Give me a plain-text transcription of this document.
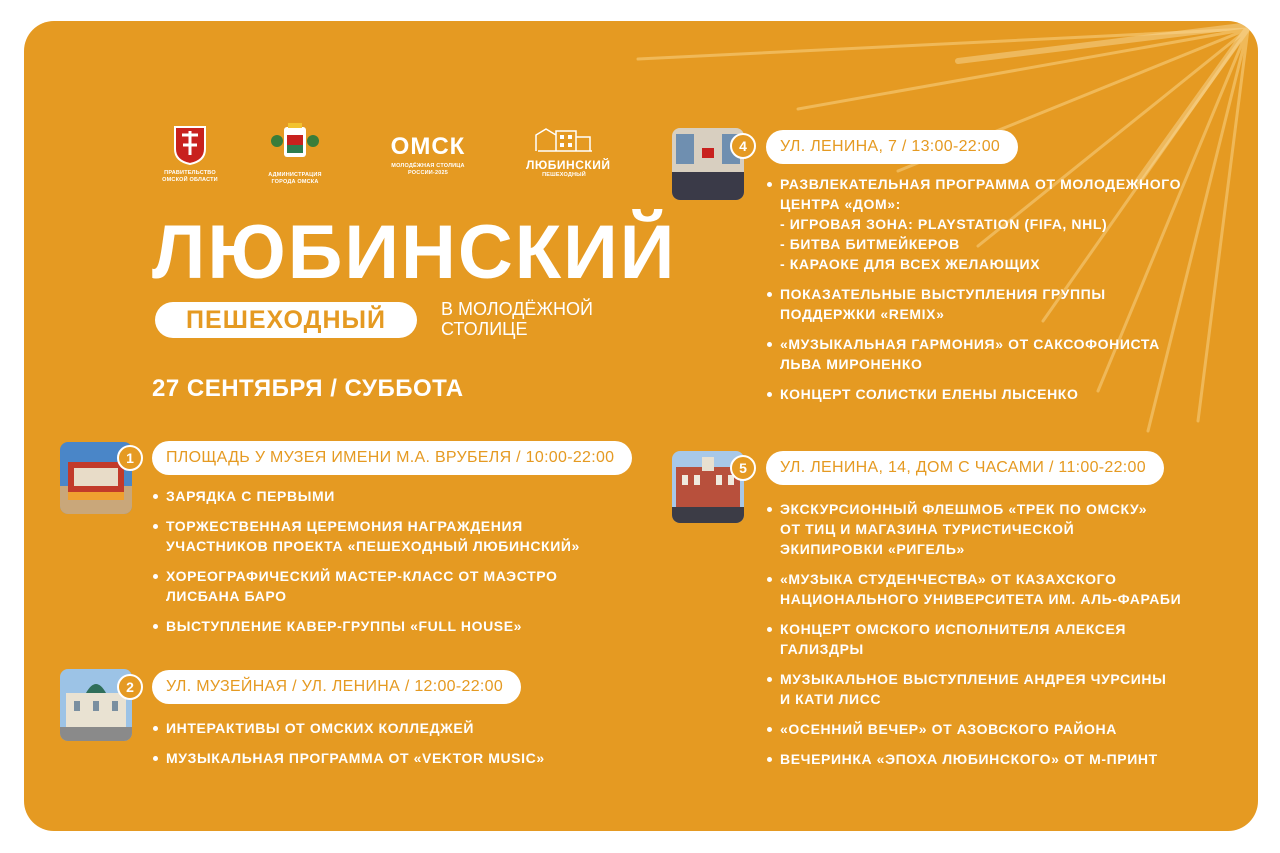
ПРАВИТЕЛЬСТВО
ОМСКОЙ ОБЛАСТИ
АДМИНИСТРАЦИЯ
ГОРОДА ОМСКА
ОМСК
МОЛОДЁЖНАЯ СТОЛИЦА
РОССИИ-2025
ЛЮБИНСКИЙ
ПЕШЕХОДНЫЙ
ЛЮБИНСКИЙ
ПЕШЕХОДНЫЙ	В МОЛОДЁЖНОЙ
СТОЛИЦЕ
27 СЕНТЯБРЯ / СУББОТА
1	ПЛОЩАДЬ У МУЗЕЯ ИМЕНИ М.А. ВРУБЕЛЯ / 10:00-22:00
ЗАРЯДКА С ПЕРВЫМИ
ТОРЖЕСТВЕННАЯ ЦЕРЕМОНИЯ НАГРАЖДЕНИЯ
УЧАСТНИКОВ ПРОЕКТА «ПЕШЕХОДНЫЙ ЛЮБИНСКИЙ»
ХОРЕОГРАФИЧЕСКИЙ МАСТЕР-КЛАСС ОТ МАЭСТРО
ЛИСБАНА БАРО
ВЫСТУПЛЕНИЕ КАВЕР-ГРУППЫ «FULL HOUSE»
2	УЛ. МУЗЕЙНАЯ / УЛ. ЛЕНИНА / 12:00-22:00
ИНТЕРАКТИВЫ ОТ ОМСКИХ КОЛЛЕДЖЕЙ
МУЗЫКАЛЬНАЯ ПРОГРАММА ОТ «VEKTOR MUSIC»
4	УЛ. ЛЕНИНА, 7 / 13:00-22:00
РАЗВЛЕКАТЕЛЬНАЯ ПРОГРАММА ОТ МОЛОДЕЖНОГО
ЦЕНТРА «ДОМ»:
- ИГРОВАЯ ЗОНА: PLAYSTATION (FIFA, NHL)
- БИТВА БИТМЕЙКЕРОВ
- КАРАОКЕ ДЛЯ ВСЕХ ЖЕЛАЮЩИХ
ПОКАЗАТЕЛЬНЫЕ ВЫСТУПЛЕНИЯ ГРУППЫ
ПОДДЕРЖКИ «REMIX»
«МУЗЫКАЛЬНАЯ ГАРМОНИЯ» ОТ САКСОФОНИСТА
ЛЬВА МИРОНЕНКО
КОНЦЕРТ СОЛИСТКИ ЕЛЕНЫ ЛЫСЕНКО
5	УЛ. ЛЕНИНА, 14, ДОМ С ЧАСАМИ / 11:00-22:00
ЭКСКУРСИОННЫЙ ФЛЕШМОБ «ТРЕК ПО ОМСКУ»
ОТ ТИЦ И МАГАЗИНА ТУРИСТИЧЕСКОЙ
ЭКИПИРОВКИ «РИГЕЛЬ»
«МУЗЫКА СТУДЕНЧЕСТВА» ОТ КАЗАХСКОГО
НАЦИОНАЛЬНОГО УНИВЕРСИТЕТА ИМ. АЛЬ-ФАРАБИ
КОНЦЕРТ ОМСКОГО ИСПОЛНИТЕЛЯ АЛЕКСЕЯ
ГАЛИЗДРЫ
МУЗЫКАЛЬНОЕ ВЫСТУПЛЕНИЕ АНДРЕЯ ЧУРСИНЫ
И КАТИ ЛИСС
«ОСЕННИЙ ВЕЧЕР» ОТ АЗОВСКОГО РАЙОНА
ВЕЧЕРИНКА «ЭПОХА ЛЮБИНСКОГО» ОТ М-ПРИНТ
